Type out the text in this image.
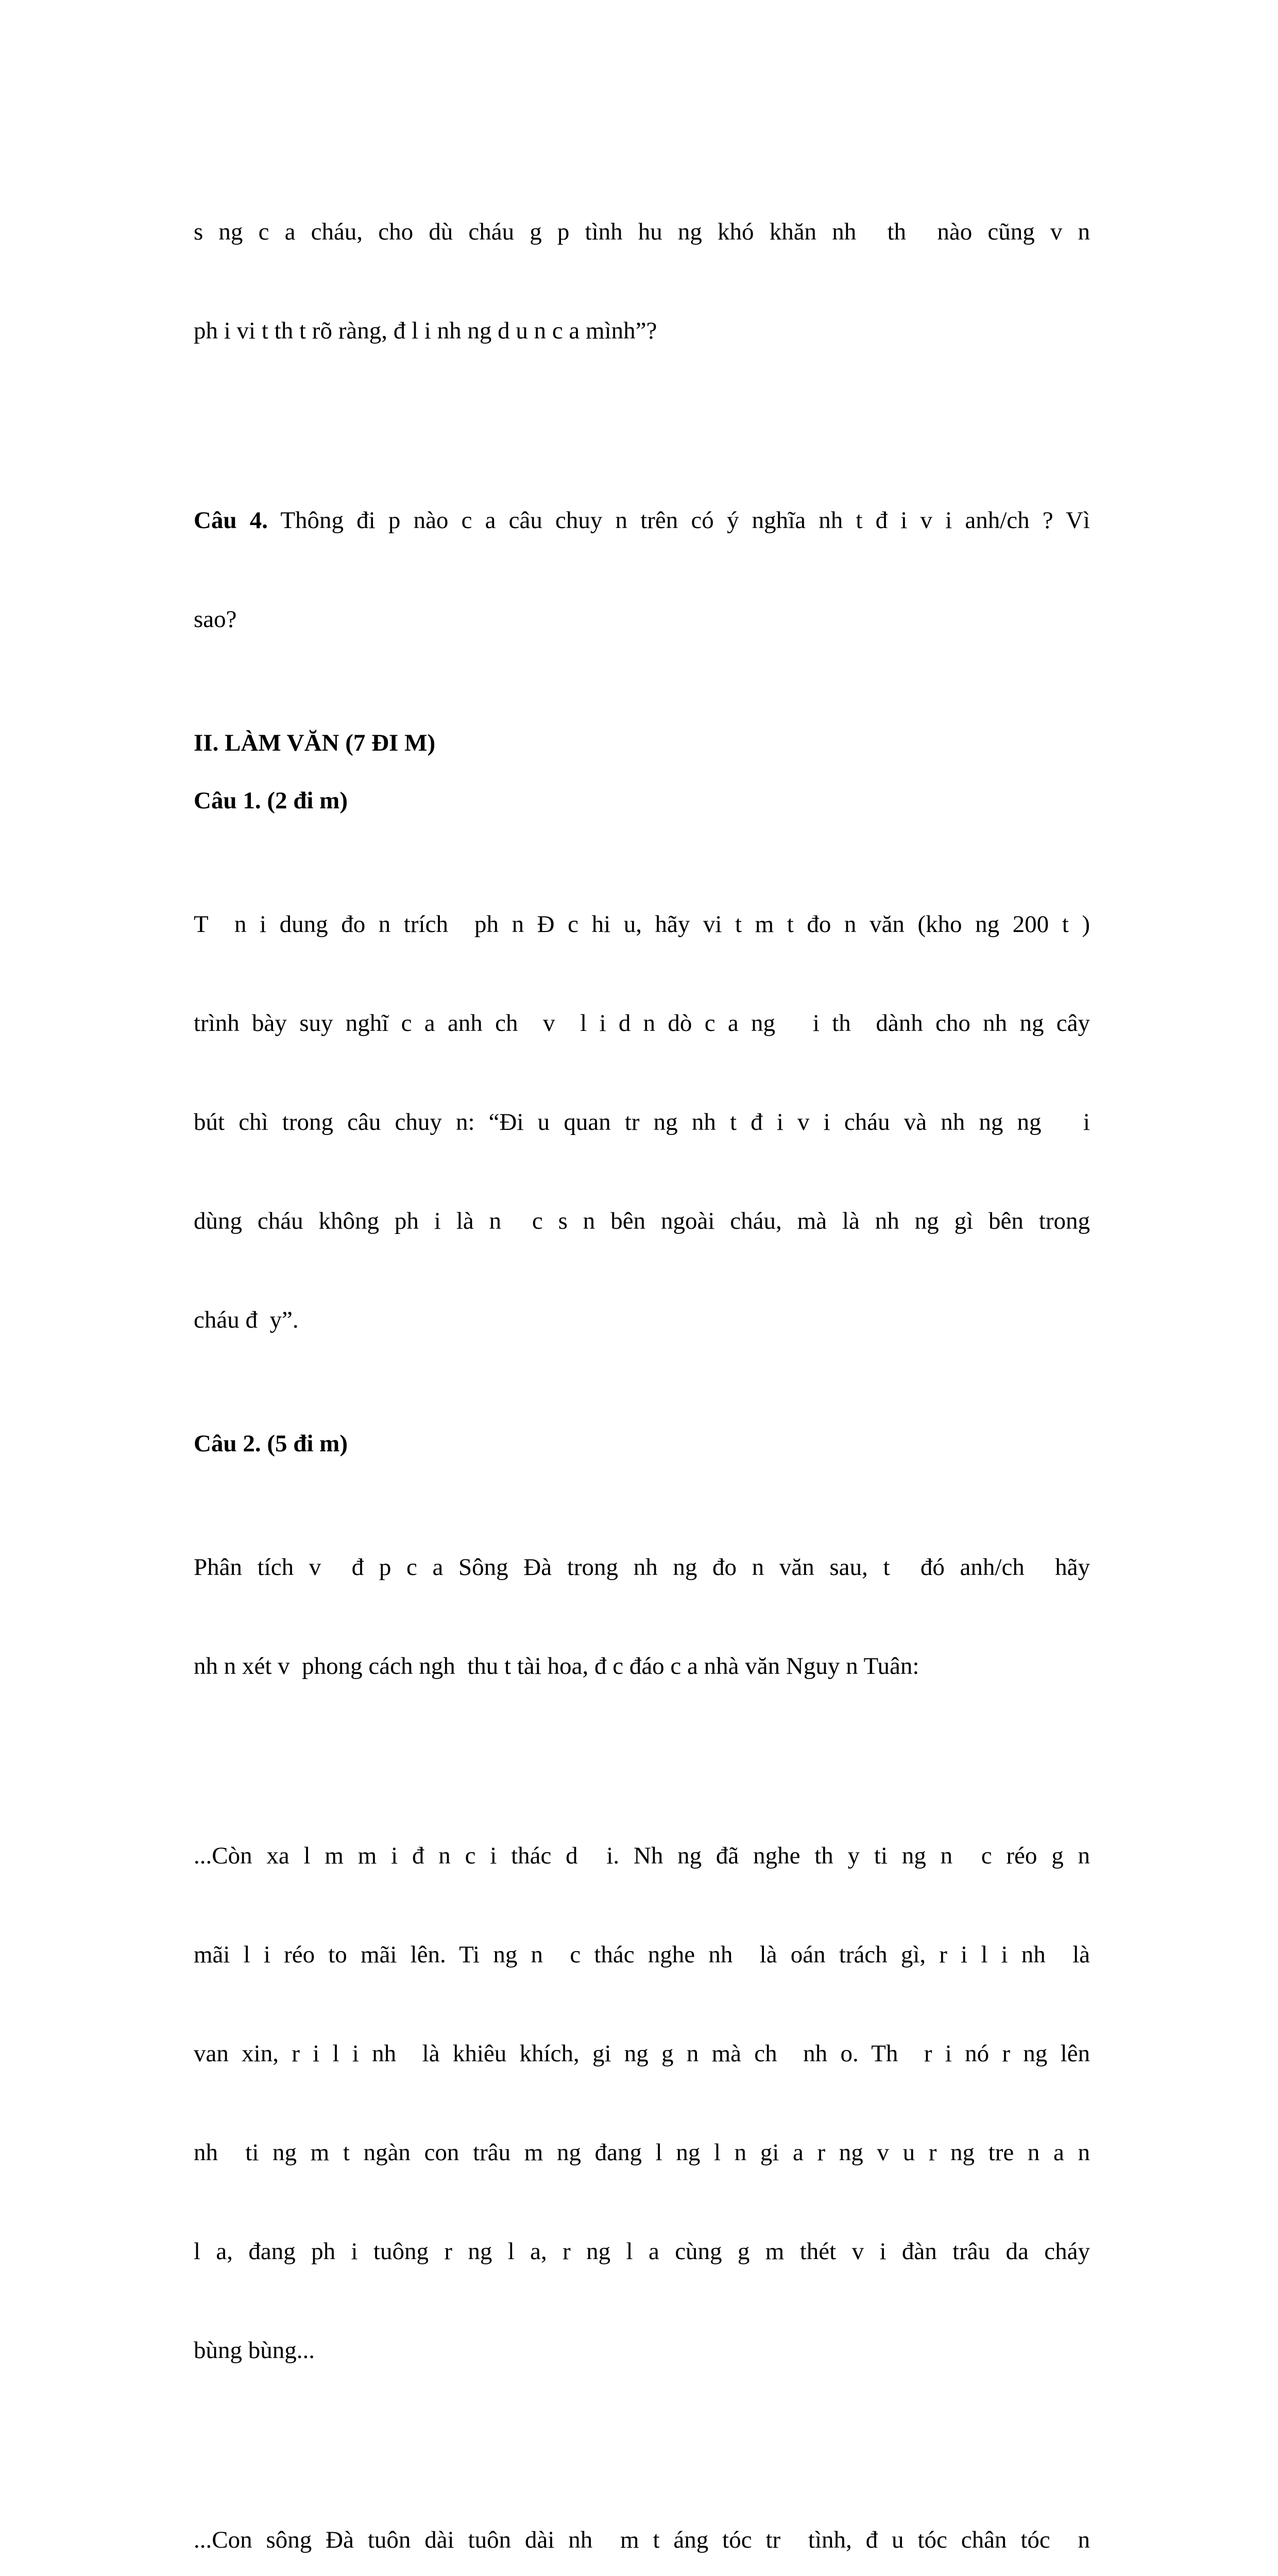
s ng c a cháu, cho dù cháu g p tình hu ng khó khăn nh  th  nào cũng v n

ph i vi t th t rõ ràng, đ l i nh ng d u n c a mình”?

Câu 4. Thông đi p nào c a câu chuy n trên có ý nghĩa nh t đ i v i anh/ch ? Vì

sao?

II. LÀM VĂN (7 ĐI M)
Câu 1. (2 đi m)

T  n i dung đo n trích  ph n Đ c hi u, hãy vi t m t đo n văn (kho ng 200 t )

trình bày suy nghĩ c a anh ch  v  l i d n dò c a ng   i th  dành cho nh ng cây

bút chì trong câu chuy n: “Đi u quan tr ng nh t đ i v i cháu và nh ng ng   i

dùng cháu không ph i là n  c s n bên ngoài cháu, mà là nh ng gì bên trong

cháu đ  y”.

Câu 2. (5 đi m)

Phân tích v  đ p c a Sông Đà trong nh ng đo n văn sau, t  đó anh/ch  hãy

nh n xét v  phong cách ngh  thu t tài hoa, đ c đáo c a nhà văn Nguy n Tuân:

...Còn xa l m m i đ n c i thác d  i. Nh ng đã nghe th y ti ng n  c réo g n

mãi l i réo to mãi lên. Ti ng n  c thác nghe nh  là oán trách gì, r i l i nh  là

van xin, r i l i nh  là khiêu khích, gi ng g n mà ch  nh o. Th  r i nó r ng lên

nh  ti ng m t ngàn con trâu m ng đang l ng l n gi a r ng v u r ng tre n a n

l a, đang ph i tuông r ng l a, r ng l a cùng g m thét v i đàn trâu da cháy

bùng bùng...

...Con sông Đà tuôn dài tuôn dài nh  m t áng tóc tr  tình, đ u tóc chân tóc  n
